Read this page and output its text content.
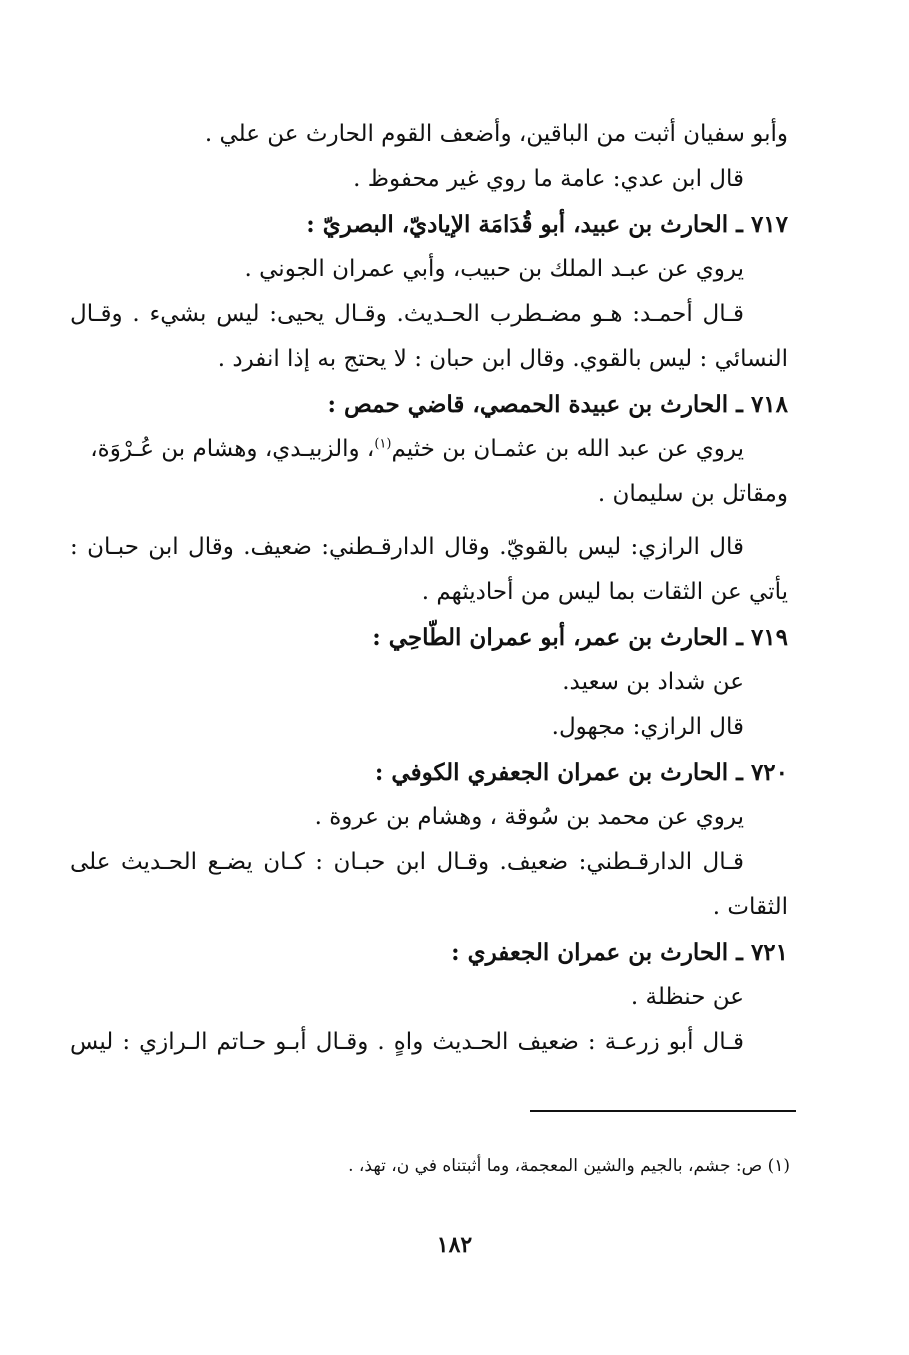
وأبو سفيان أثبت من الباقين، وأضعف القوم الحارث عن علي .
قال ابن عدي: عامة ما روي غير محفوظ .
٧١٧ ـ الحارث بن عبيد، أبو قُدَامَة الإياديّ، البصريّ :
يروي عن عبـد الملك بن حبيب، وأبي عمران الجوني .
قـال أحمـد: هـو مضـطرب الحـديث. وقـال يحيى: ليس بشيء . وقـال
النسائي : ليس بالقوي. وقال ابن حبان : لا يحتج به إذا انفرد .
٧١٨ ـ الحارث بن عبيدة الحمصي، قاضي حمص :
يروي عن عبد الله بن عثمـان بن خثيم$^{(١)}$، والزبيـدي، وهشام بن عُـرْوَة،
ومقاتل بن سليمان .
قال الرازي: ليس بالقويّ. وقال الدارقـطني: ضعيف. وقال ابن حبـان :
يأتي عن الثقات بما ليس من أحاديثهم .
٧١٩ ـ الحارث بن عمر، أبو عمران الطّاحِي :
عن شداد بن سعيد.
قال الرازي: مجهول.
٧٢٠ ـ الحارث بن عمران الجعفري الكوفي :
يروي عن محمد بن سُوقة ، وهشام بن عروة .
قـال الدارقـطني: ضعيف. وقـال ابن حبـان : كـان يضـع الحـديث على
الثقات .
٧٢١ ـ الحارث بن عمران الجعفري :
عن حنظلة .
قـال أبو زرعـة : ضعيف الحـديث واهٍ . وقـال أبـو حـاتم الـرازي : ليس
(١) ص: جشم، بالجيم والشين المعجمة، وما أثبتناه في ن، تهذ، .
١٨٢
